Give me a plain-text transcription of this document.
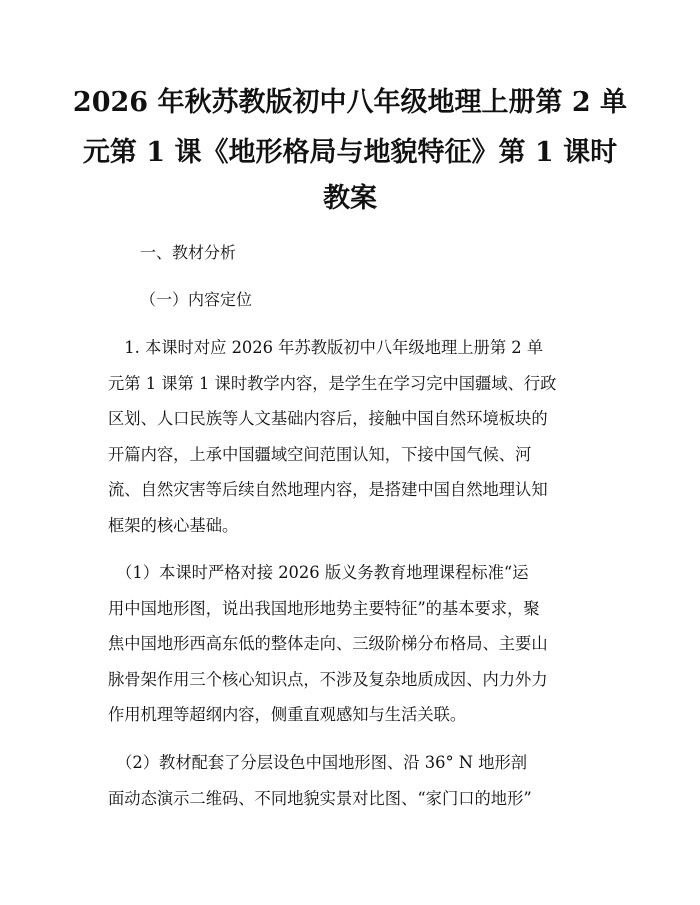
2026 年秋苏教版初中八年级地理上册第 2 单
元第 1 课《地形格局与地貌特征》第 1 课时
教案
一、教材分析
（一）内容定位
　1. 本课时对应 2026 年苏教版初中八年级地理上册第 2 单
元第 1 课第 1 课时教学内容，是学生在学习完中国疆域、行政
区划、人口民族等人文基础内容后，接触中国自然环境板块的
开篇内容，上承中国疆域空间范围认知，下接中国气候、河
流、自然灾害等后续自然地理内容，是搭建中国自然地理认知
框架的核心基础。
　（1）本课时严格对接 2026 版义务教育地理课程标准“运
用中国地形图，说出我国地形地势主要特征”的基本要求，聚
焦中国地形西高东低的整体走向、三级阶梯分布格局、主要山
脉骨架作用三个核心知识点，不涉及复杂地质成因、内力外力
作用机理等超纲内容，侧重直观感知与生活关联。
　（2）教材配套了分层设色中国地形图、沿 36° N 地形剖
面动态演示二维码、不同地貌实景对比图、“家门口的地形”
